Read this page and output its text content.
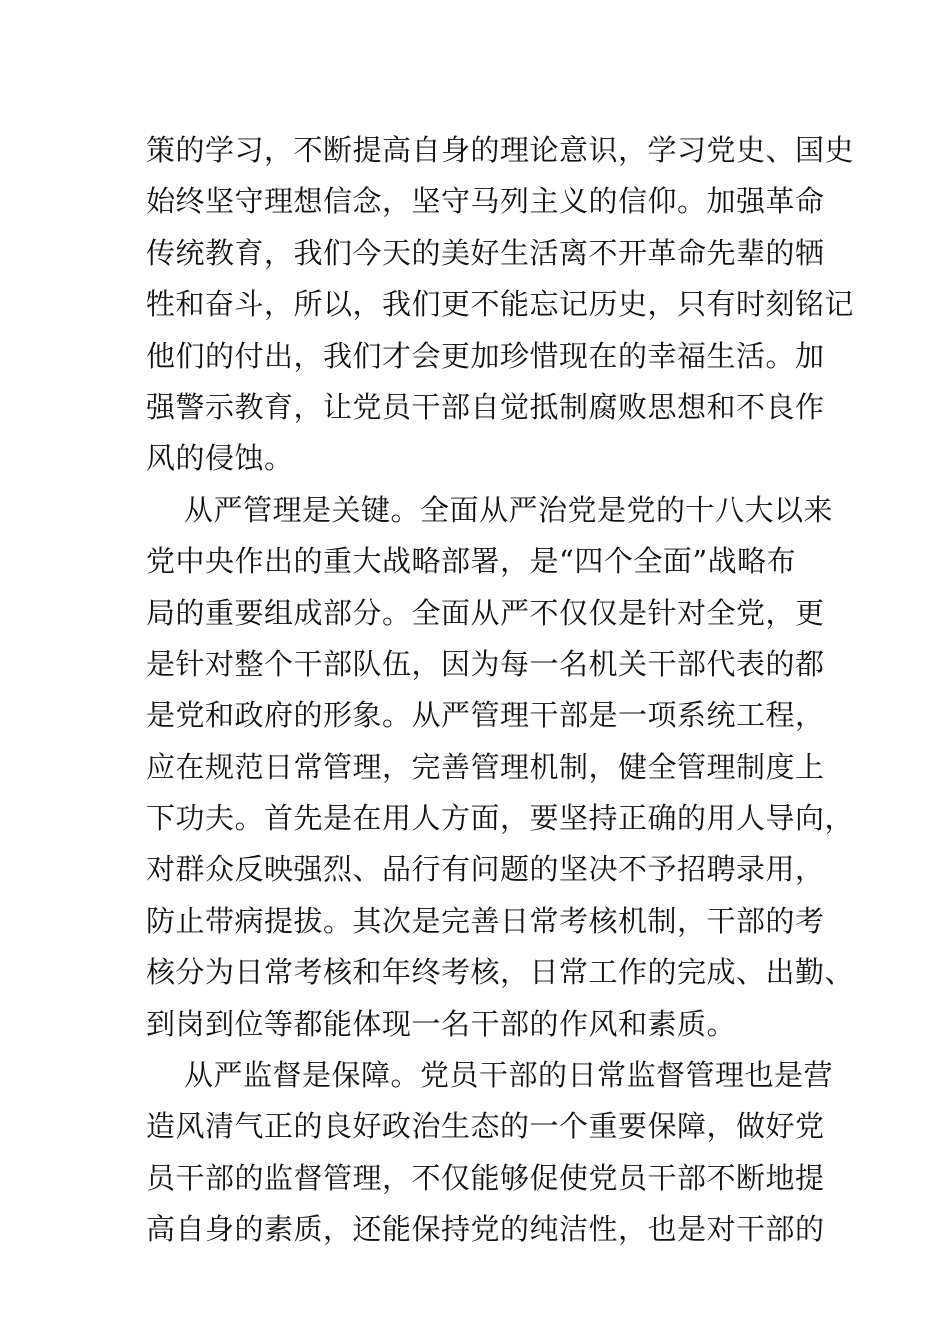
策的学习，不断提高自身的理论意识，学习党史、国史
始终坚守理想信念，坚守马列主义的信仰。加强革命
传统教育，我们今天的美好生活离不开革命先辈的牺
牲和奋斗，所以，我们更不能忘记历史，只有时刻铭记
他们的付出，我们才会更加珍惜现在的幸福生活。加
强警示教育，让党员干部自觉抵制腐败思想和不良作
风的侵蚀。
从严管理是关键。全面从严治党是党的十八大以来
党中央作出的重大战略部署，是“四个全面”战略布
局的重要组成部分。全面从严不仅仅是针对全党，更
是针对整个干部队伍，因为每一名机关干部代表的都
是党和政府的形象。从严管理干部是一项系统工程，
应在规范日常管理，完善管理机制，健全管理制度上
下功夫。首先是在用人方面，要坚持正确的用人导向，
对群众反映强烈、品行有问题的坚决不予招聘录用，
防止带病提拔。其次是完善日常考核机制，干部的考
核分为日常考核和年终考核，日常工作的完成、出勤、
到岗到位等都能体现一名干部的作风和素质。
从严监督是保障。党员干部的日常监督管理也是营
造风清气正的良好政治生态的一个重要保障，做好党
员干部的监督管理，不仅能够促使党员干部不断地提
高自身的素质，还能保持党的纯洁性，也是对干部的
